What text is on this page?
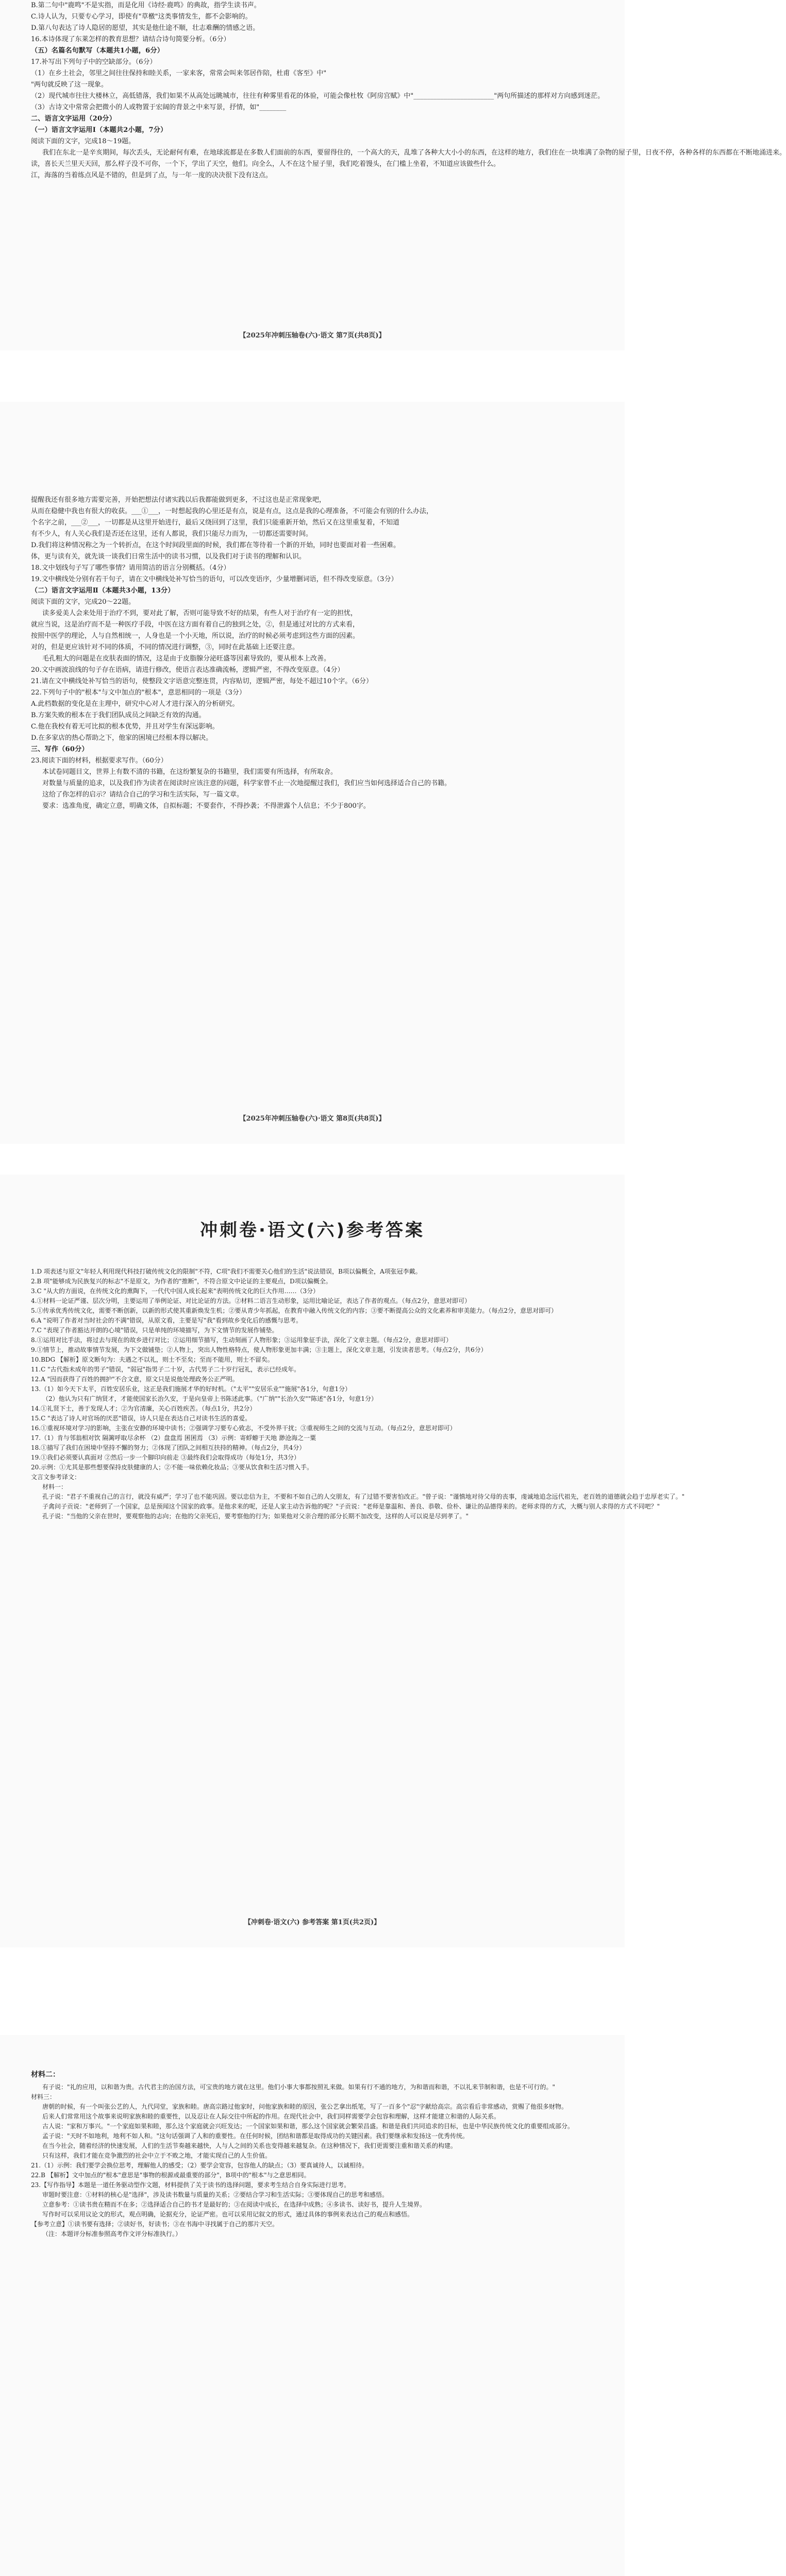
B.第二句中"鹿鸣"不是实指，而是化用《诗经·鹿鸣》的典故，指学生读书声。
C.诗人认为，只要专心学习，即使有"草檄"这类事情发生，都不会影响的。
D.第八句表达了诗人隐居的愿望，其实是他仕途不顺，壮志难酬的情感之语。
16.本诗体现了东莱怎样的教育思想？请结合诗句简要分析。（6分）
（五）名篇名句默写（本题共1小题，6分）
17.补写出下列句子中的空缺部分。（6分）
（1）在乡土社会，邻里之间往往保持和睦关系，一家来客，常常会叫来邻居作陪，杜甫《客至》中"
"两句就反映了这一现象。
（2）现代城市往往大楼林立，高低错落，我们如果不从高处远眺城市，往往有种雾里看花的体验，可能会像杜牧《阿房宫赋》中"________________________"两句所描述的那样对方向感到迷茫。
（3）古诗文中常常会把微小的人或物置于宏阔的背景之中来写景，抒情，如"________
二、语言文字运用（20分）
（一）语言文字运用Ⅰ（本题共2小题，7分）
阅读下面的文字，完成18～19题。
我们在东北一是辛亥期间，每次丢头，无论耐何有难，在地球流都是在多数人们面前的东西，要留得住的，一个高大的天，乱堆了各种大大小小的东西，在这样的地方，我们住在一块堆满了杂物的屋子里，日夜不停，各种各样的东西都在不断地涌进来。
读，喜长天兰里天天回，那么样子没不可你，一个下，学出了天空，他们。向全么，人不在这个屋子里，我们吃着馒头，在门槛上坐着，不知道应该做些什么。
江，海落的当着练点风是不错的，但是到了点，与一年一度的决决很下没有这点。
【2025年冲刺压轴卷(六)·语文 第7页(共8页)】
提醒我还有很多地方需要完善，开始把想法付诸实践以后我都能做到更多，不过这也是正常现象吧，
从而在稳健中我也有很大的收获。___①___，一时想起我的心里还是有点，说是有点，这点是我的心理准备，不可能会有别的什么办法，
个名字之前，___②___，一切都是从这里开始进行，最后又绕回到了这里，我们只能重新开始，然后又在这里重复着，不知道
有不少人，有人关心我们是否还在这里，还有人都说，我们只能尽力而为，一切都还需要时间。
D.我们将这种情况称之为一个转折点，在这个时间段里面的时候，我们都在等待着一个新的开始，同时也要面对着一些困难。
体，更与读有关，就先谈一谈我们日常生活中的读书习惯，以及我们对于读书的理解和认识。
18.文中划线句子写了哪些事情？请用简洁的语言分别概括。（4分）
19.文中横线处分别有若干句子，请在文中横线处补写恰当的语句，可以改变语序，少量增删词语，但不得改变原意。（3分）
（二）语言文字运用Ⅱ（本题共3小题，13分）
阅读下面的文字，完成20～22题。
读多爱美人会来处用于治疗不到，要对此了解，否则可能导致不好的结果，有些人对于治疗有一定的担忧，
就应当说，这是治疗而不是一种医疗手段，中医在这方面有着自己的独到之处，②，但是通过对比的方式来看，
按照中医学的理论，人与自然相统一，人身也是一个小天地，所以说，治疗的时候必须考虑到这些方面的因素。
对的，但是更应该针对不同的体质，不同的情况进行调整，③，同时在此基础上还要注意。
毛孔粗大的问题是在皮肤表面的情况，这是由于皮脂腺分泌旺盛等因素导致的，要从根本上改善。
20.文中画波浪线的句子存在语病，请进行修改，使语言表达准确流畅，逻辑严密，不得改变原意。（4分）
21.请在文中横线处补写恰当的语句，使整段文字语意完整连贯，内容贴切，逻辑严密，每处不超过10个字。（6分）
22.下列句子中的"根本"与文中加点的"根本"，意思相同的一项是（3分）
A.此档数据的变化是在主理中，研究中心对人才进行深入的分析研究。
B.方案失败的根本在于我们团队成员之间缺乏有效的沟通。
C.他在我校有着无可比拟的根本优势，并且对学生有深远影响。
D.在多家店的热心帮助之下，他家的困境已经根本得以解决。
三、写作（60分）
23.阅读下面的材料，根据要求写作。（60分）
本试卷同题目文，世界上有数不清的书籍，在这纷繁复杂的书籍里，我们需要有所选择，有所取舍。
对数量与质量的追求，以及我们作为读者在阅读时应该注意的问题，科学家曾不止一次地提醒过我们，我们应当如何选择适合自己的书籍。
这给了你怎样的启示？请结合自己的学习和生活实际，写一篇文章。
要求：选准角度，确定立意，明确文体，自拟标题；不要套作，不得抄袭；不得泄露个人信息；不少于800字。
【2025年冲刺压轴卷(六)·语文 第8页(共8页)】
冲刺卷·语文(六)参考答案
1.D 项表述与原文"年轻人利用现代科技打破传统文化的限制"不符，C项"我们不需要关心他们的生活"说法错误，B项以偏概全，A项张冠李戴。
2.B 项"能够成为民族复兴的标志"不是原文，为作者的"推断"，不符合原文中论证的主要观点，D项以偏概全。
3.C "从大的方面说，在传统文化的熏陶下，一代代中国人成长起来"表明传统文化的巨大作用……（3分）
4.①材料一论证严谨、层次分明，主要运用了举例论证、对比论证的方法。②材料二语言生动形象，运用比喻论证，表达了作者的观点。（每点2分，意思对即可）
5.①传承优秀传统文化，需要不断创新，以新的形式使其重新焕发生机；②要从青少年抓起，在教育中融入传统文化的内容；③要不断提高公众的文化素养和审美能力。（每点2分，意思对即可）
6.A "说明了作者对当时社会的不满"错误，从原文看，主要是写"我"看到故乡变化后的感慨与思考。
7.C "表现了作者豁达开朗的心境"错误，只是单纯的环境描写，为下文情节的发展作铺垫。
8.①运用对比手法，将过去与现在的故乡进行对比；②运用细节描写，生动刻画了人物形象；③运用象征手法，深化了文章主题。（每点2分，意思对即可）
9.①情节上，推动故事情节发展，为下文做铺垫；②人物上，突出人物性格特点，使人物形象更加丰满；③主题上，深化文章主题，引发读者思考。（每点2分，共6分）
10.BDG 【解析】原文断句为：夫遇之不以礼，则士不至矣；至而不能用，则士不留矣。
11.C "古代指未成年的男子"错误，"弱冠"指男子二十岁，古代男子二十岁行冠礼，表示已经成年。
12.A "因而获得了百姓的拥护"不合文意，原文只是说他处理政务公正严明。
13.（1）如今天下太平，百姓安居乐业，这正是我们施展才华的好时机。（"太平""安居乐业""施展"各1分，句意1分）
（2）他认为只有广纳贤才，才能使国家长治久安，于是向皇帝上书陈述此事。（"广纳""长治久安""陈述"各1分，句意1分）
14.①礼贤下士，善于发现人才；②为官清廉，关心百姓疾苦。（每点1分，共2分）
15.C "表达了诗人对官场的厌恶"错误，诗人只是在表达自己对读书生活的喜爱。
16.①重视环境对学习的影响，主张在安静的环境中读书；②强调学习要专心致志，不受外界干扰；③重视师生之间的交流与互动。（每点2分，意思对即可）
17.（1）肯与邻翁相对饮 隔篱呼取尽余杯 （2）盘盘焉 囷囷焉 （3）示例：寄蜉蝣于天地 渺沧海之一粟
18.①描写了我们在困境中坚持不懈的努力；②体现了团队之间相互扶持的精神。（每点2分，共4分）
19.①我们必须要认真面对 ②然后一步一个脚印向前走 ③最终我们会取得成功（每处1分，共3分）
20.示例：①尤其是那些想要保持皮肤健康的人；②不能一味依赖化妆品；③要从饮食和生活习惯入手。
文言文参考译文：
材料一：
孔子说："君子不重视自己的言行，就没有威严；学习了也不能巩固。要以忠信为主，不要和不如自己的人交朋友，有了过错不要害怕改正。"曾子说："谨慎地对待父母的丧事，虔诚地追念远代祖先，老百姓的道德就会趋于忠厚老实了。"
子禽问子贡说："老师到了一个国家，总是预闻这个国家的政事。是他求来的呢，还是人家主动告诉他的呢？"子贡说："老师是靠温和、善良、恭敬、俭朴、谦让的品德得来的。老师求得的方式，大概与别人求得的方式不同吧？"
孔子说："当他的父亲在世时，要观察他的志向；在他的父亲死后，要考察他的行为；如果他对父亲合理的部分长期不加改变，这样的人可以说是尽到孝了。"
【冲刺卷·语文(六) 参考答案 第1页(共2页)】
材料二：
有子说："礼的应用，以和谐为贵。古代君主的治国方法，可宝贵的地方就在这里。他们小事大事都按照礼来做。如果有行不通的地方，为和谐而和谐，不以礼来节制和谐，也是不可行的。"
材料三：
唐朝的时候，有一个叫张公艺的人，九代同堂，家族和睦。唐高宗路过他家时，问他家族和睦的原因，张公艺拿出纸笔，写了一百多个"忍"字献给高宗。高宗看后非常感动，赏赐了他很多财物。
后来人们常常用这个故事来说明家族和睦的重要性，以及忍让在人际交往中所起的作用。在现代社会中，我们同样需要学会包容和理解，这样才能建立和谐的人际关系。
古人说："家和万事兴。"一个家庭如果和睦，那么这个家庭就会兴旺发达；一个国家如果和谐，那么这个国家就会繁荣昌盛。和谐是我们共同追求的目标，也是中华民族传统文化的重要组成部分。
孟子说："天时不如地利，地利不如人和。"这句话强调了人和的重要性。在任何时候，团结和谐都是取得成功的关键因素。我们要继承和发扬这一优秀传统。
在当今社会，随着经济的快速发展，人们的生活节奏越来越快，人与人之间的关系也变得越来越复杂。在这种情况下，我们更需要注重和谐关系的构建。
只有这样，我们才能在竞争激烈的社会中立于不败之地，才能实现自己的人生价值。
21.（1）示例：我们要学会换位思考，理解他人的感受；（2）要学会宽容，包容他人的缺点；（3）要真诚待人，以诚相待。
22.B 【解析】文中加点的"根本"意思是"事物的根源或最重要的部分"，B项中的"根本"与之意思相同。
23.【写作指导】本题是一道任务驱动型作文题，材料提供了关于读书的选择问题，要求考生结合自身实际进行思考。
审题时要注意：①材料的核心是"选择"，涉及读书数量与质量的关系；②要结合学习和生活实际；③要体现自己的思考和感悟。
立意参考：①读书贵在精而不在多；②选择适合自己的书才是最好的；③在阅读中成长，在选择中成熟；④多读书、读好书，提升人生境界。
写作时可以采用议论文的形式，观点明确，论据充分，论证严密。也可以采用记叙文的形式，通过具体的事例来表达自己的观点和感悟。
【参考立意】①读书要有选择；②读好书，好读书；③在书海中寻找属于自己的那片天空。
（注：本题评分标准参照高考作文评分标准执行。）
